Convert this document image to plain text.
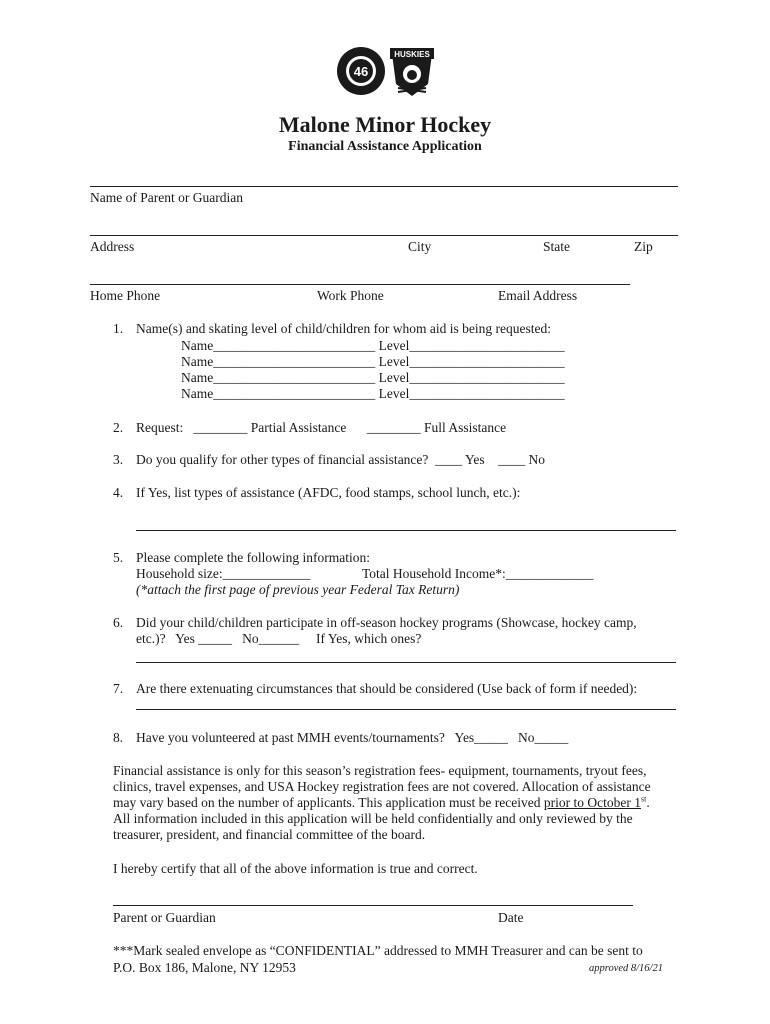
46
HUSKIES
Malone Minor Hockey
Financial Assistance Application
Name of Parent or Guardian
Address	City	State	Zip
Home Phone	Work Phone	Email Address
1. Name(s) and skating level of child/children for whom aid is being requested:
Name________________________ Level_______________________
Name________________________ Level_______________________
Name________________________ Level_______________________
Name________________________ Level_______________________
2. Request:   ________ Partial Assistance      ________ Full Assistance
3. Do you qualify for other types of financial assistance?  ____ Yes    ____ No
4. If Yes, list types of assistance (AFDC, food stamps, school lunch, etc.):
5. Please complete the following information:
Household size:_____________	Total Household Income*:_____________
(*attach the first page of previous year Federal Tax Return)
6. Did your child/children participate in off-season hockey programs (Showcase, hockey camp,
etc.)?   Yes _____   No______     If Yes, which ones?
7. Are there extenuating circumstances that should be considered (Use back of form if needed):
8. Have you volunteered at past MMH events/tournaments?   Yes_____   No_____
Financial assistance is only for this season’s registration fees- equipment, tournaments, tryout fees,
clinics, travel expenses, and USA Hockey registration fees are not covered. Allocation of assistance
may vary based on the number of applicants. This application must be received prior to October 1st.
All information included in this application will be held confidentially and only reviewed by the
treasurer, president, and financial committee of the board.
I hereby certify that all of the above information is true and correct.
Parent or Guardian	Date
***Mark sealed envelope as “CONFIDENTIAL” addressed to MMH Treasurer and can be sent to
P.O. Box 186, Malone, NY 12953	approved 8/16/21
